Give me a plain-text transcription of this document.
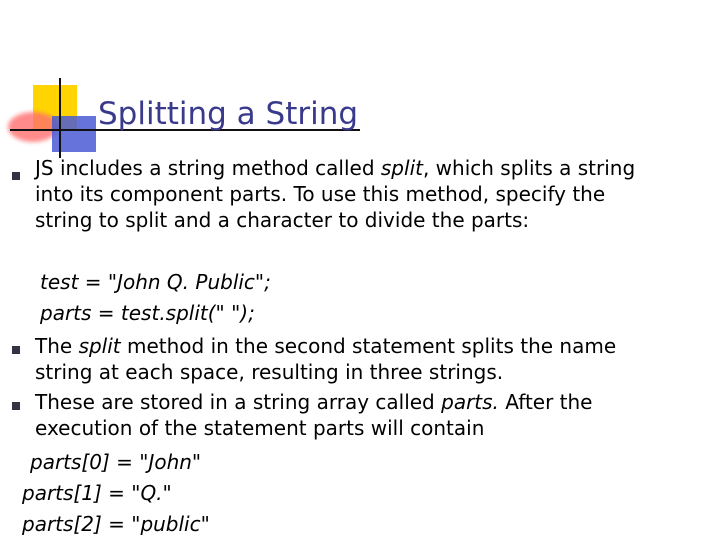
Splitting a String
JS includes a string method called split, which splits a string
into its component parts. To use this method, specify the
string to split and a character to divide the parts:
test = "John Q. Public";
parts = test.split(" ");
The split method in the second statement splits the name
string at each space, resulting in three strings.
These are stored in a string array called parts. After the
execution of the statement parts will contain
parts[0] = "John"
parts[1] = "Q."
parts[2] = "public"
